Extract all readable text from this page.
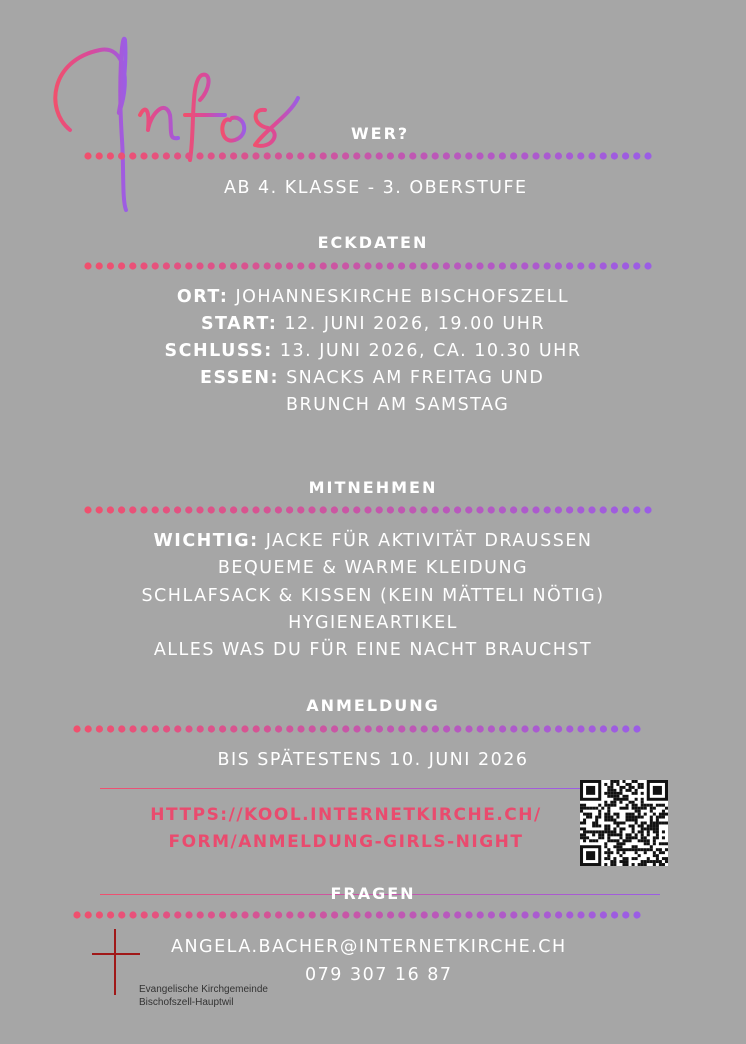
WER?
AB 4. KLASSE - 3. OBERSTUFE
ECKDATEN
ORT: JOHANNESKIRCHE BISCHOFSZELL
START: 12. JUNI 2026, 19.00 UHR
SCHLUSS: 13. JUNI 2026, CA. 10.30 UHR
ESSEN: SNACKS AM FREITAG UND
BRUNCH AM SAMSTAG
MITNEHMEN
WICHTIG: JACKE FÜR AKTIVITÄT DRAUSSEN
BEQUEME & WARME KLEIDUNG
SCHLAFSACK & KISSEN (KEIN MÄTTELI NÖTIG)
HYGIENEARTIKEL
ALLES WAS DU FÜR EINE NACHT BRAUCHST
ANMELDUNG
BIS SPÄTESTENS 10. JUNI 2026
HTTPS://KOOL.INTERNETKIRCHE.CH/
FORM/ANMELDUNG-GIRLS-NIGHT
FRAGEN
ANGELA.BACHER@INTERNETKIRCHE.CH
079 307 16 87
Evangelische Kirchgemeinde
Bischofszell-Hauptwil
